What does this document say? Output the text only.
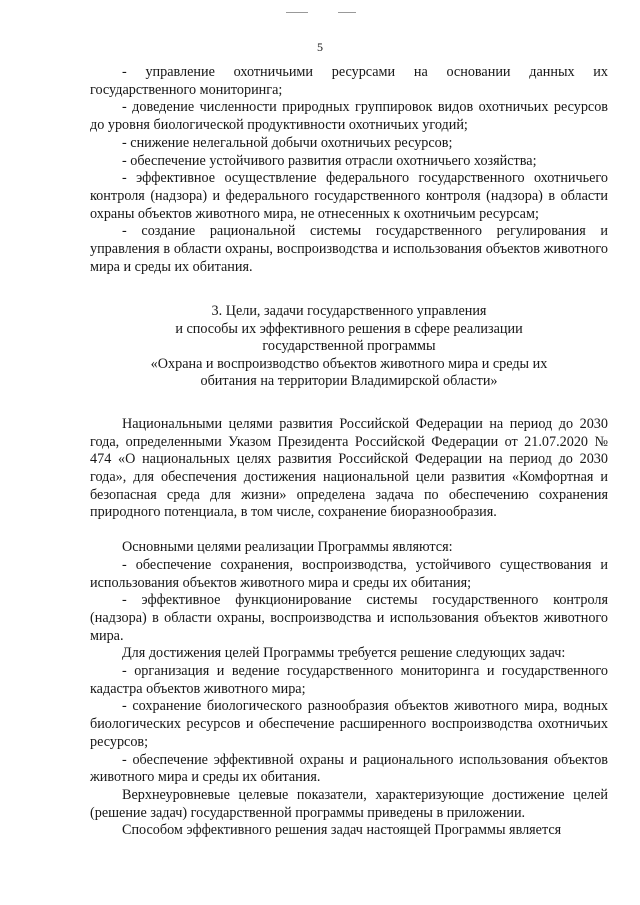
5

- управление охотничьими ресурсами на основании данных их государственного мониторинга;

- доведение численности природных группировок видов охотничьих ресурсов до уровня биологической продуктивности охотничьих угодий;

- снижение нелегальной добычи охотничьих ресурсов;

- обеспечение устойчивого развития отрасли охотничьего хозяйства;

- эффективное осуществление федерального государственного охотничьего контроля (надзора) и федерального государственного контроля (надзора) в области охраны объектов животного мира, не отнесенных к охотничьим ресурсам;

- создание рациональной системы государственного регулирования и управления в области охраны, воспроизводства и использования объектов животного мира и среды их обитания.

3. Цели, задачи государственного управления
и способы их эффективного решения в сфере реализации
государственной программы
«Охрана и воспроизводство объектов животного мира и среды их
обитания на территории Владимирской области»

Национальными целями развития Российской Федерации на период до 2030 года, определенными Указом Президента Российской Федерации от 21.07.2020 № 474 «О национальных целях развития Российской Федерации на период до 2030 года», для обеспечения достижения национальной цели развития «Комфортная и безопасная среда для жизни» определена задача по обеспечению сохранения природного потенциала, в том числе, сохранение биоразнообразия.

Основными целями реализации Программы являются:

- обеспечение сохранения, воспроизводства, устойчивого существования и использования объектов животного мира и среды их обитания;

- эффективное функционирование системы государственного контроля (надзора) в области охраны, воспроизводства и использования объектов животного мира.

Для достижения целей Программы требуется решение следующих задач:

- организация и ведение государственного мониторинга и государственного кадастра объектов животного мира;

- сохранение биологического разнообразия объектов животного мира, водных биологических ресурсов и обеспечение расширенного воспроизводства охотничьих ресурсов;

- обеспечение эффективной охраны и рационального использования объектов животного мира и среды их обитания.

Верхнеуровневые целевые показатели, характеризующие достижение целей (решение задач) государственной программы приведены в приложении.

Способом эффективного решения задач настоящей Программы является
